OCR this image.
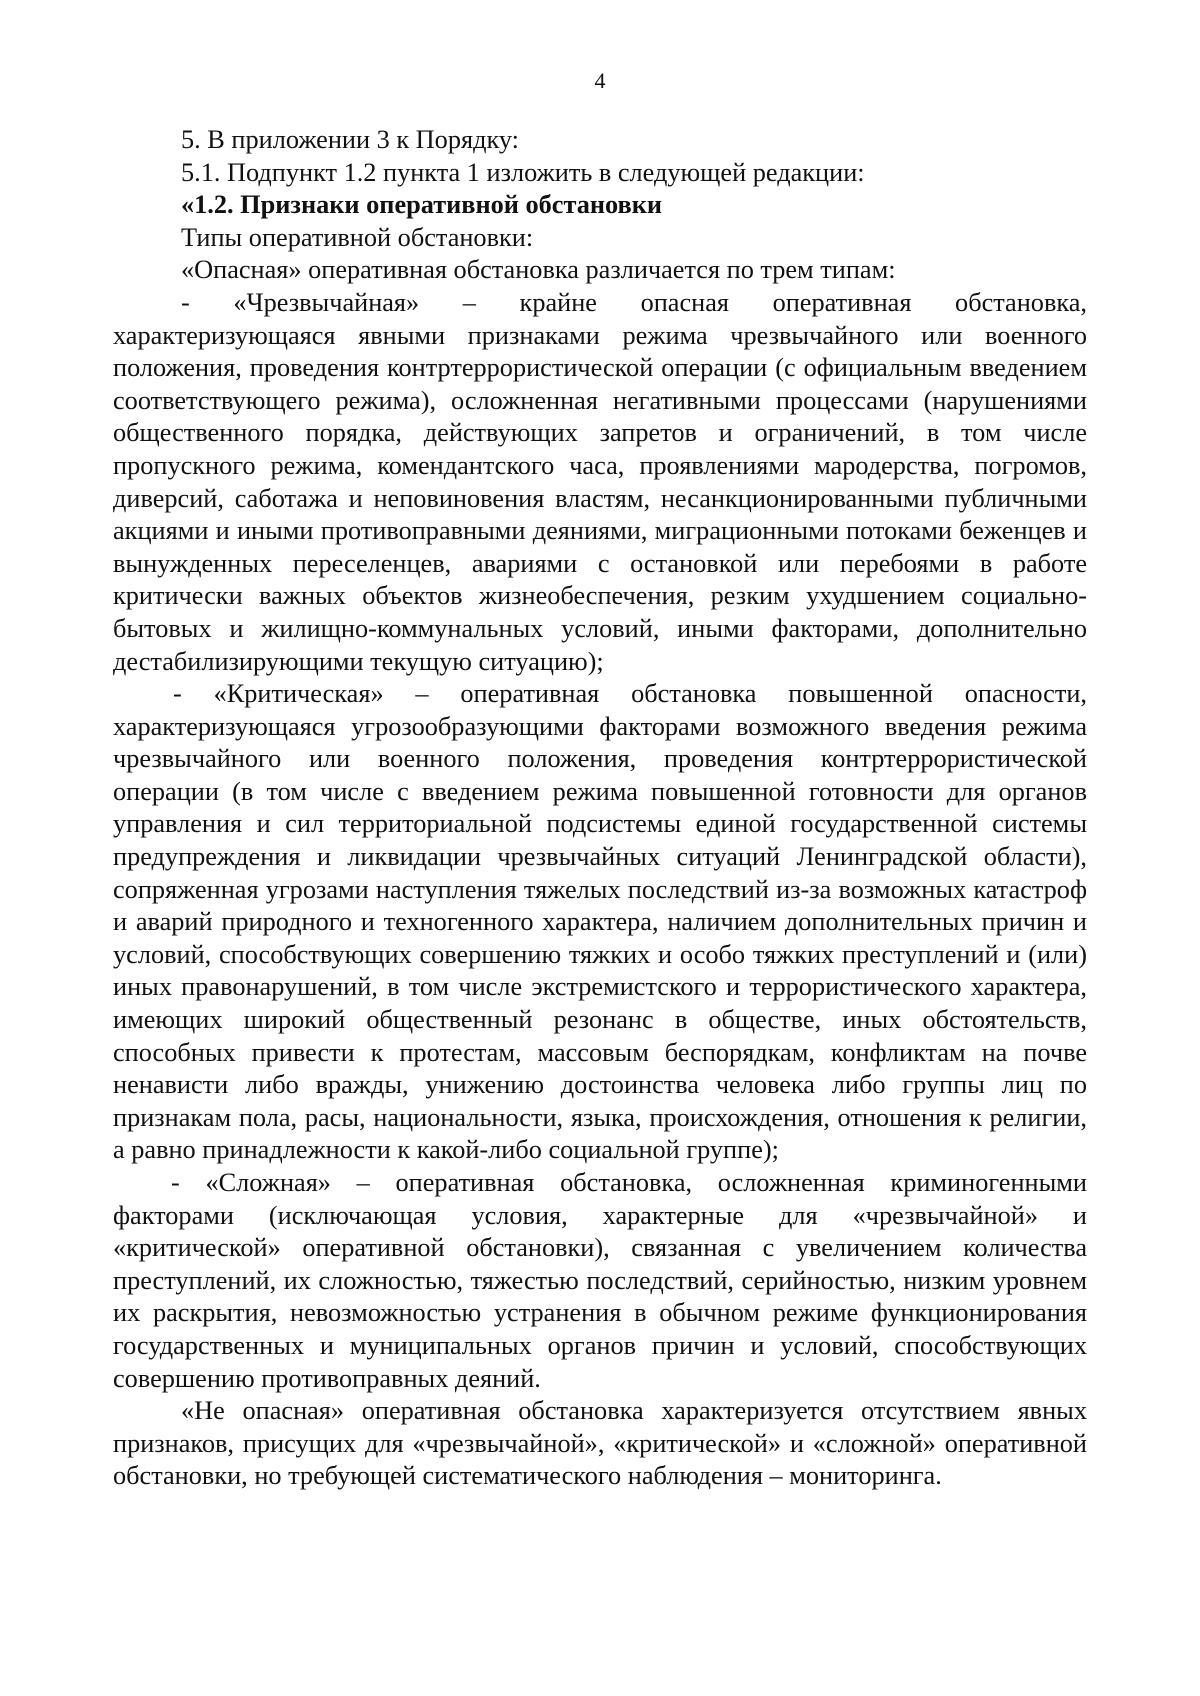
4

5. В приложении 3 к Порядку:

5.1. Подпункт 1.2 пункта 1 изложить в следующей редакции:

«1.2. Признаки оперативной обстановки

Типы оперативной обстановки:

«Опасная» оперативная обстановка различается по трем типам:

- «Чрезвычайная» – крайне опасная оперативная обстановка, характеризующаяся явными признаками режима чрезвычайного или военного положения, проведения контртеррористической операции (с официальным введением соответствующего режима), осложненная негативными процессами (нарушениями общественного порядка, действующих запретов и ограничений, в том числе пропускного режима, комендантского часа, проявлениями мародерства, погромов, диверсий, саботажа и неповиновения властям, несанкционированными публичными акциями и иными противоправными деяниями, миграционными потоками беженцев и вынужденных переселенцев, авариями с остановкой или перебоями в работе критически важных объектов жизнеобеспечения, резким ухудшением социально-бытовых и жилищно-коммунальных условий, иными факторами, дополнительно дестабилизирующими текущую ситуацию);

- «Критическая» – оперативная обстановка повышенной опасности, характеризующаяся угрозообразующими факторами возможного введения режима чрезвычайного или военного положения, проведения контртеррористической операции (в том числе с введением режима повышенной готовности для органов управления и сил территориальной подсистемы единой государственной системы предупреждения и ликвидации чрезвычайных ситуаций Ленинградской области), сопряженная угрозами наступления тяжелых последствий из-за возможных катастроф и аварий природного и техногенного характера, наличием дополнительных причин и условий, способствующих совершению тяжких и особо тяжких преступлений и (или) иных правонарушений, в том числе экстремистского и террористического характера, имеющих широкий общественный резонанс в обществе, иных обстоятельств, способных привести к протестам, массовым беспорядкам, конфликтам на почве ненависти либо вражды, унижению достоинства человека либо группы лиц по признакам пола, расы, национальности, языка, происхождения, отношения к религии, а равно принадлежности к какой-либо социальной группе);

- «Сложная» – оперативная обстановка, осложненная криминогенными факторами (исключающая условия, характерные для «чрезвычайной» и «критической» оперативной обстановки), связанная с увеличением количества преступлений, их сложностью, тяжестью последствий, серийностью, низким уровнем их раскрытия, невозможностью устранения в обычном режиме функционирования государственных и муниципальных органов причин и условий, способствующих совершению противоправных деяний.

«Не опасная» оперативная обстановка характеризуется отсутствием явных признаков, присущих для «чрезвычайной», «критической» и «сложной» оперативной обстановки, но требующей систематического наблюдения – мониторинга.
